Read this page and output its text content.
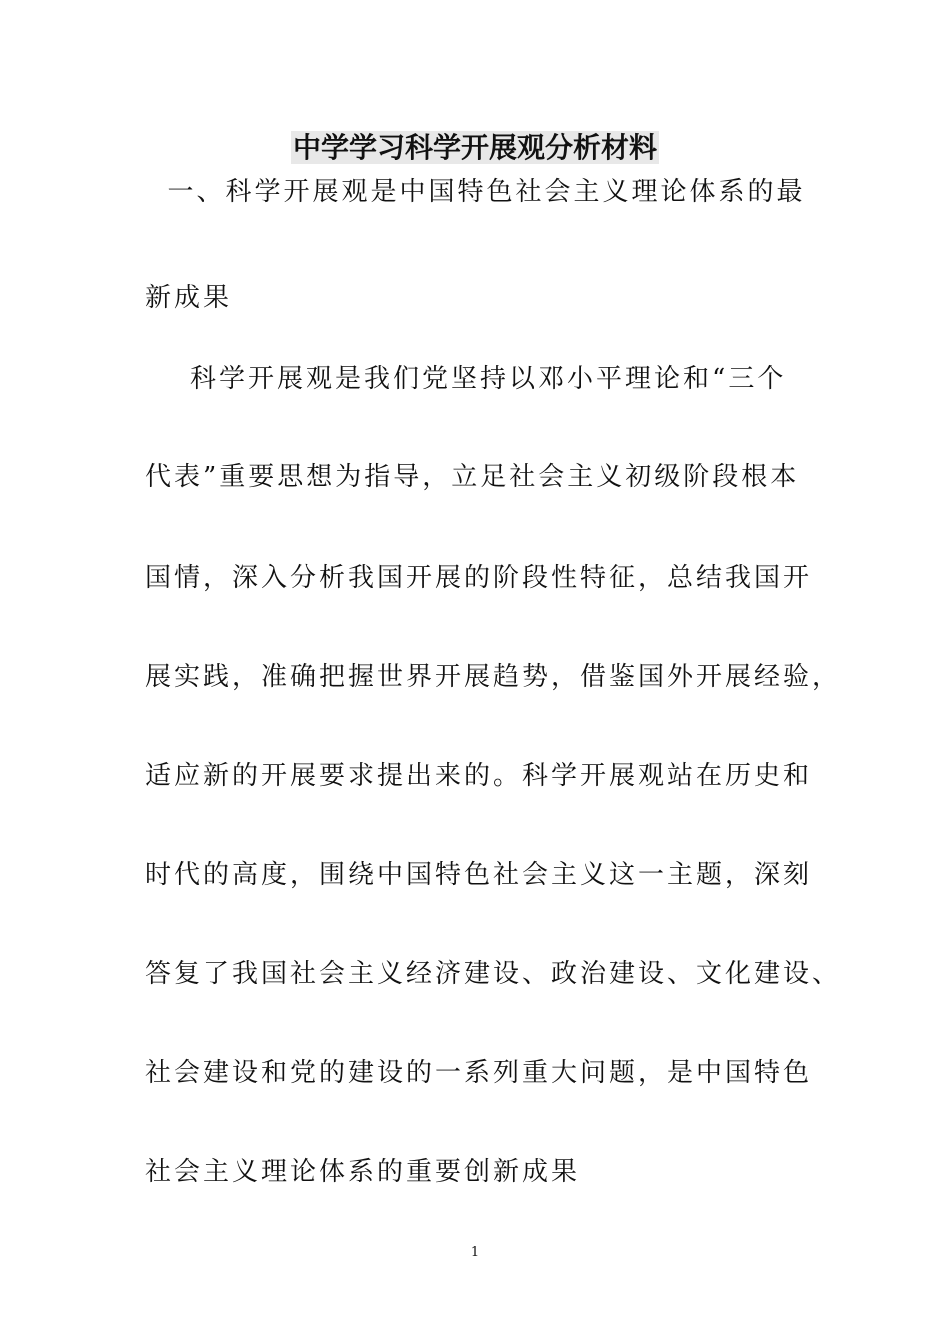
中学学习科学开展观分析材料
一、科学开展观是中国特色社会主义理论体系的最
新成果
科学开展观是我们党坚持以邓小平理论和“三个
代表”重要思想为指导，立足社会主义初级阶段根本
国情，深入分析我国开展的阶段性特征，总结我国开
展实践，准确把握世界开展趋势，借鉴国外开展经验，
适应新的开展要求提出来的。科学开展观站在历史和
时代的高度，围绕中国特色社会主义这一主题，深刻
答复了我国社会主义经济建设、政治建设、文化建设、
社会建设和党的建设的一系列重大问题，是中国特色
社会主义理论体系的重要创新成果
1
